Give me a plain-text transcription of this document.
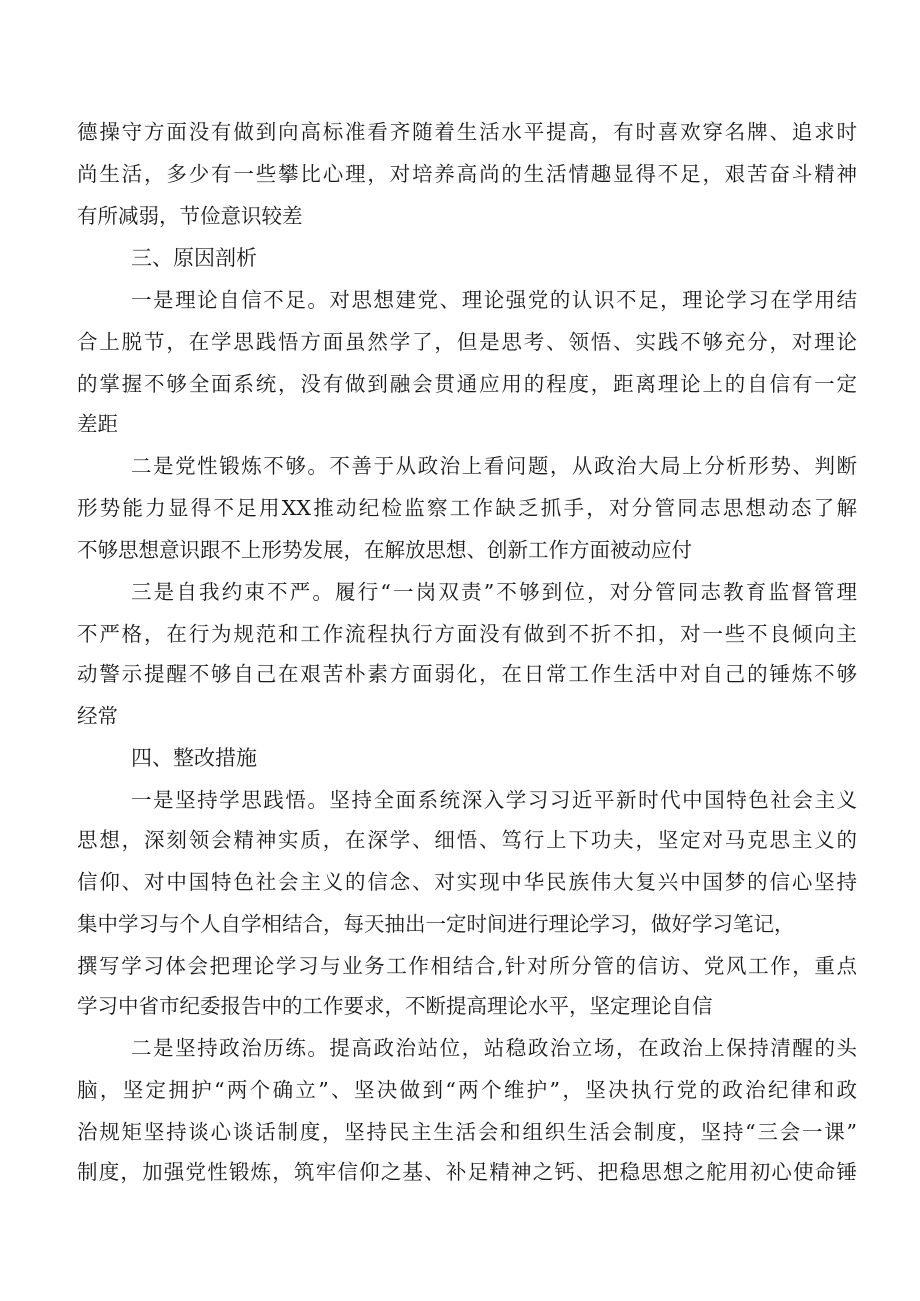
德操守方面没有做到向高标准看齐随着生活水平提高，有时喜欢穿名牌、追求时
尚生活，多少有一些攀比心理，对培养高尚的生活情趣显得不足，艰苦奋斗精神
有所减弱，节俭意识较差
三、原因剖析
一是理论自信不足。对思想建党、理论强党的认识不足，理论学习在学用结
合上脱节，在学思践悟方面虽然学了，但是思考、领悟、实践不够充分，对理论
的掌握不够全面系统，没有做到融会贯通应用的程度，距离理论上的自信有一定
差距
二是党性锻炼不够。不善于从政治上看问题，从政治大局上分析形势、判断
形势能力显得不足用XX推动纪检监察工作缺乏抓手，对分管同志思想动态了解
不够思想意识跟不上形势发展，在解放思想、创新工作方面被动应付
三是自我约束不严。履行“一岗双责”不够到位，对分管同志教育监督管理
不严格，在行为规范和工作流程执行方面没有做到不折不扣，对一些不良倾向主
动警示提醒不够自己在艰苦朴素方面弱化，在日常工作生活中对自己的锤炼不够
经常
四、整改措施
一是坚持学思践悟。坚持全面系统深入学习习近平新时代中国特色社会主义
思想，深刻领会精神实质，在深学、细悟、笃行上下功夫，坚定对马克思主义的
信仰、对中国特色社会主义的信念、对实现中华民族伟大复兴中国梦的信心坚持
集中学习与个人自学相结合，每天抽出一定时间进行理论学习，做好学习笔记，
撰写学习体会把理论学习与业务工作相结合,针对所分管的信访、党风工作，重点
学习中省市纪委报告中的工作要求，不断提高理论水平，坚定理论自信
二是坚持政治历练。提高政治站位，站稳政治立场，在政治上保持清醒的头
脑，坚定拥护“两个确立”、坚决做到“两个维护”，坚决执行党的政治纪律和政
治规矩坚持谈心谈话制度，坚持民主生活会和组织生活会制度，坚持“三会一课”
制度，加强党性锻炼，筑牢信仰之基、补足精神之钙、把稳思想之舵用初心使命锤
